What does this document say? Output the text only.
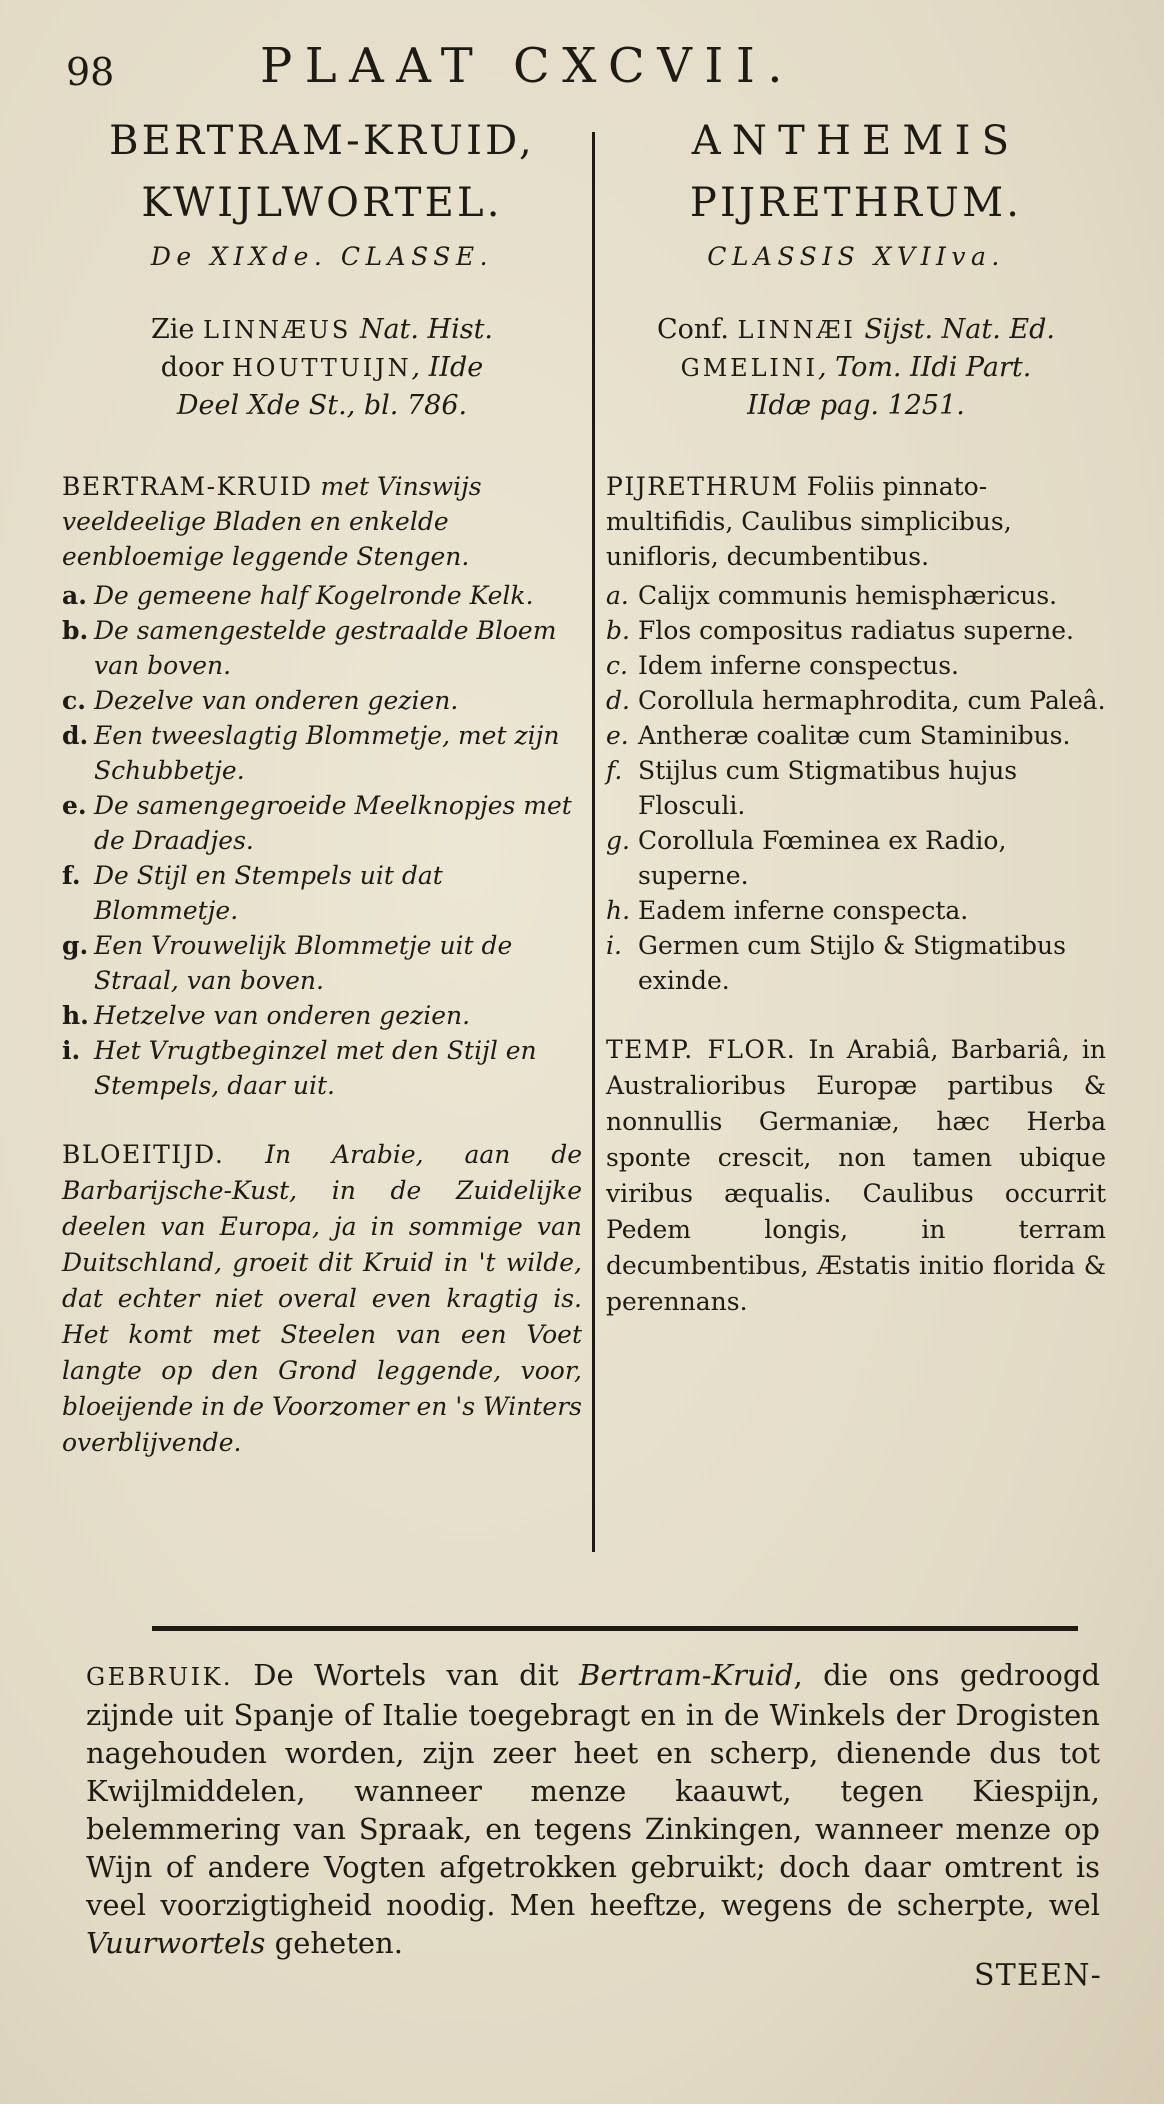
98	PLAAT CXCVII.
BERTRAM-KRUID,
KWIJLWORTEL.
De XIXde. CLASSE.
Zie LINNÆUS Nat. Hist.
door HOUTTUIJN, IIde
Deel Xde St., bl. 786.
BERTRAM-KRUID met Vinswijs veeldeelige Bladen en enkelde eenbloemige leggende Stengen.
a. De gemeene half Kogelronde Kelk.
b. De samengestelde gestraalde Bloem van boven.
c. Dezelve van onderen gezien.
d. Een tweeslagtig Blommetje, met zijn Schubbetje.
e. De samengegroeide Meelknopjes met de Draadjes.
f. De Stijl en Stempels uit dat Blommetje.
g. Een Vrouwelijk Blommetje uit de Straal, van boven.
h. Hetzelve van onderen gezien.
i. Het Vrugtbeginzel met den Stijl en Stempels, daar uit.
BLOEITIJD. In Arabie, aan de Barbarijsche-Kust, in de Zuidelijke deelen van Europa, ja in sommige van Duitschland, groeit dit Kruid in 't wilde, dat echter niet overal even kragtig is. Het komt met Steelen van een Voet langte op den Grond leggende, voor, bloeijende in de Voorzomer en 's Winters overblijvende.
ANTHEMIS
PIJRETHRUM.
CLASSIS XVIIva.
Conf. LINNÆI Sijst. Nat. Ed.
GMELINI, Tom. IIdi Part.
IIdæ pag. 1251.
PIJRETHRUM Foliis pinnato-multifidis, Caulibus simplicibus, unifloris, decumbentibus.
a. Calijx communis hemisphæricus.
b. Flos compositus radiatus superne.
c. Idem inferne conspectus.
d. Corollula hermaphrodita, cum Paleâ.
e. Antheræ coalitæ cum Staminibus.
f. Stijlus cum Stigmatibus hujus Flosculi.
g. Corollula Fœminea ex Radio, superne.
h. Eadem inferne conspecta.
i. Germen cum Stijlo & Stigmatibus exinde.
TEMP. FLOR. In Arabiâ, Barbariâ, in Australioribus Europæ partibus & nonnullis Germaniæ, hæc Herba sponte crescit, non tamen ubique viribus æqualis. Caulibus occurrit Pedem longis, in terram decumbentibus, Æstatis initio florida & perennans.
GEBRUIK. De Wortels van dit Bertram-Kruid, die ons gedroogd zijnde uit Spanje of Italie toegebragt en in de Winkels der Drogisten nagehouden worden, zijn zeer heet en scherp, dienende dus tot Kwijlmiddelen, wanneer menze kaauwt, tegen Kiespijn, belemmering van Spraak, en tegens Zinkingen, wanneer menze op Wijn of andere Vogten afgetrokken gebruikt; doch daar omtrent is veel voorzigtigheid noodig. Men heeftze, wegens de scherpte, wel Vuurwortels geheten.
STEEN-
